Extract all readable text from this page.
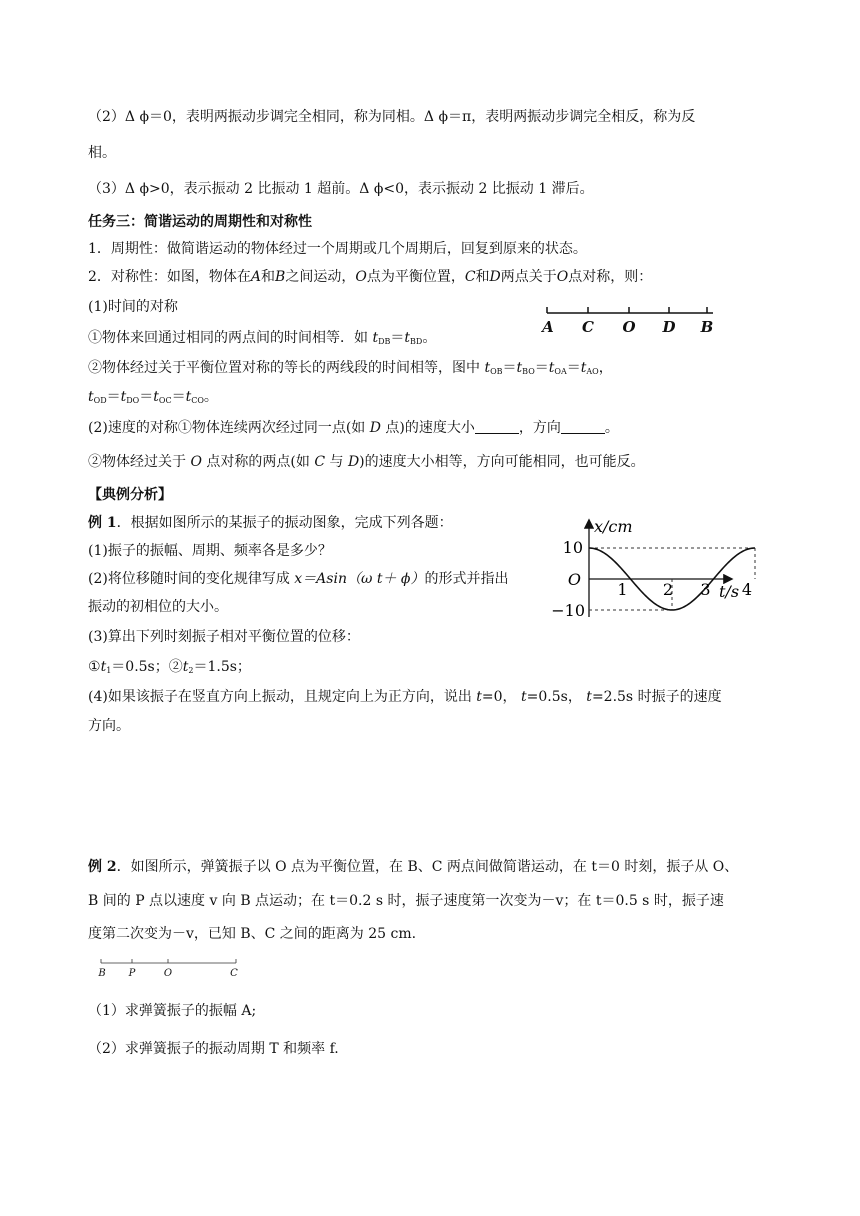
（2）Δ ϕ＝0，表明两振动步调完全相同，称为同相。Δ ϕ＝π，表明两振动步调完全相反，称为反
相。
（3）Δ ϕ>0，表示振动 2 比振动 1 超前。Δ ϕ<0，表示振动 2 比振动 1 滞后。
任务三：简谐运动的周期性和对称性
1．周期性：做简谐运动的物体经过一个周期或几个周期后，回复到原来的状态。
2．对称性：如图，物体在A和B之间运动，O点为平衡位置，C和D两点关于O点对称，则：
(1)时间的对称
①物体来回通过相同的两点间的时间相等．如 $t_{DB}=t_{BD}$。
②物体经过关于平衡位置对称的等长的两线段的时间相等，图中 $t_{OB}=t_{BO}=t_{OA}=t_{AO}$，
$t_{OD}=t_{DO}=t_{OC}=t_{CO}$。
(2)速度的对称①物体连续两次经过同一点(如 D 点)的速度大小	，方向	。
②物体经过关于 O 点对称的两点(如 C 与 D)的速度大小相等，方向可能相同，也可能反。
A C O D B
【典例分析】
例 1．根据如图所示的某振子的振动图象，完成下列各题：
(1)振子的振幅、周期、频率各是多少？
(2)将位移随时间的变化规律写成 x＝Asin（ω t＋ ϕ）的形式并指出
振动的初相位的大小。
(3)算出下列时刻振子相对平衡位置的位移：
$①t_1=0.5s$；$②t_2=1.5s$；
(4)如果该振子在竖直方向上振动，且规定向上为正方向，说出 t=0， t=0.5s， t=2.5s 时振子的速度
方向。
x/cm
t/s
10
O
−10
1 2 3 4
例 2．如图所示，弹簧振子以 O 点为平衡位置，在 B、C 两点间做简谐运动，在 t＝0 时刻，振子从 O、
B 间的 P 点以速度 v 向 B 点运动；在 t＝0.2 s 时，振子速度第一次变为－v；在 t＝0.5 s 时，振子速
度第二次变为－v，已知 B、C 之间的距离为 25 cm.
B P	O	C
（1）求弹簧振子的振幅 A;
（2）求弹簧振子的振动周期 T 和频率 f.
